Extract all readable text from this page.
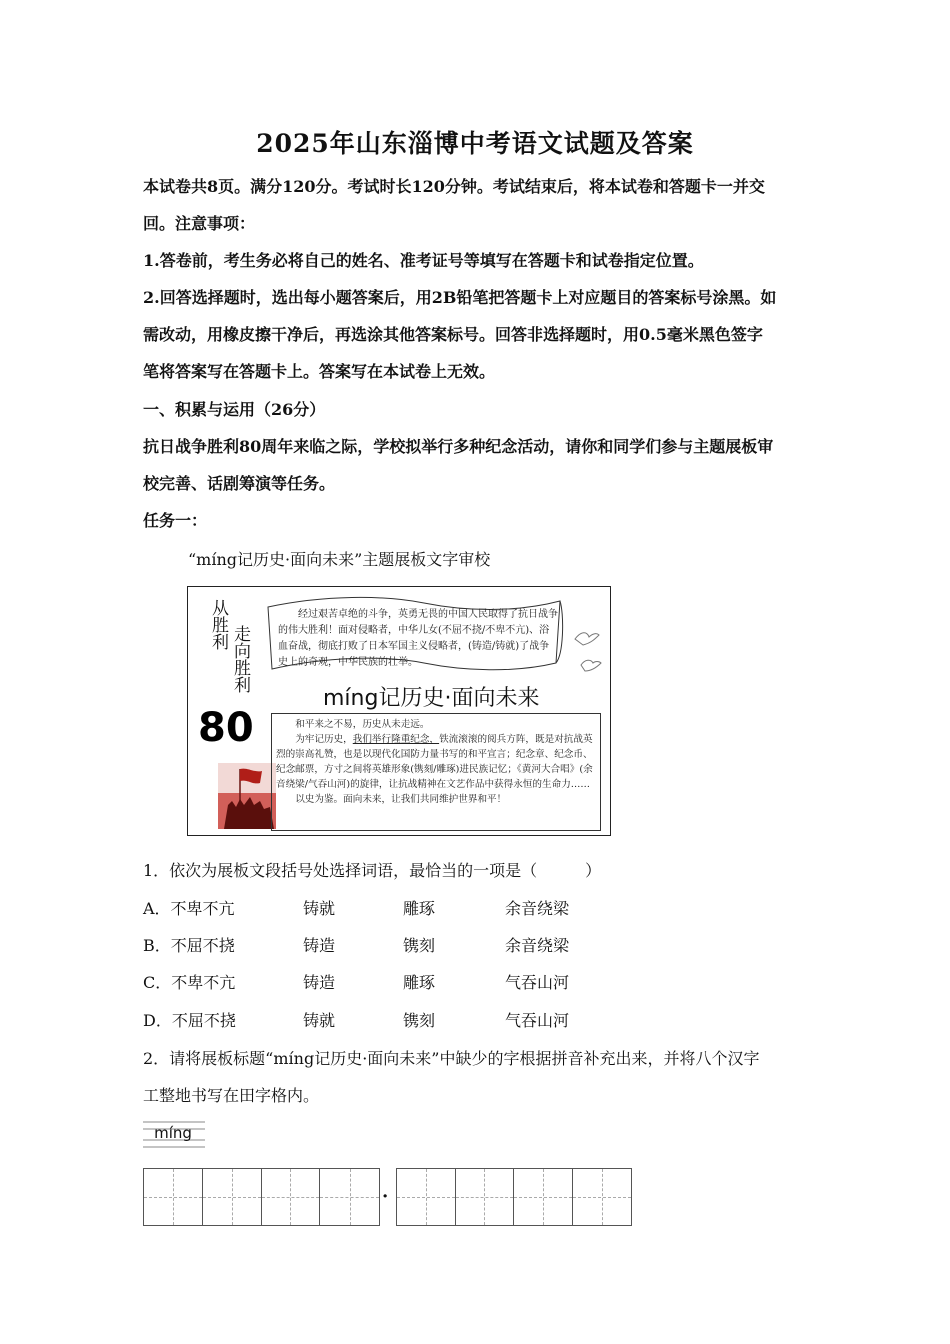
2025年山东淄博中考语文试题及答案
本试卷共8页。满分120分。考试时长120分钟。考试结束后，将本试卷和答题卡一并交
回。注意事项：
1.答卷前，考生务必将自己的姓名、准考证号等填写在答题卡和试卷指定位置。
2.回答选择题时，选出每小题答案后，用2B铅笔把答题卡上对应题目的答案标号涂黑。如
需改动，用橡皮擦干净后，再选涂其他答案标号。回答非选择题时，用0.5毫米黑色签字
笔将答案写在答题卡上。答案写在本试卷上无效。
一、积累与运用（26分）
抗日战争胜利80周年来临之际，学校拟举行多种纪念活动，请你和同学们参与主题展板审
校完善、话剧筹演等任务。
任务一：
“míng记历史·面向未来”主题展板文字审校
从胜利
走向胜利
经过艰苦卓绝的斗争，英勇无畏的中国人民取得了抗日战争的伟大胜利！面对侵略者，中华儿女(不屈不挠/不卑不亢)、浴血奋战，彻底打败了日本军国主义侵略者，(铸造/铸就)了战争史上的奇观，中华民族的壮举。
80
míng记历史·面向未来

和平来之不易，历史从未走远。

为牢记历史，我们举行隆重纪念，铁流滚滚的阅兵方阵，既是对抗战英烈的崇高礼赞，也是以现代化国防力量书写的和平宣言；纪念章、纪念币、纪念邮票，方寸之间将英雄形象(镌刻/雕琢)进民族记忆；《黄河大合唱》(余音绕梁/气吞山河)的旋律，让抗战精神在文艺作品中获得永恒的生命力……

以史为鉴。面向未来，让我们共同维护世界和平！

1．依次为展板文段括号处选择词语，最恰当的一项是（　　　）
A．不卑不亢	铸就	雕琢	余音绕梁
B．不屈不挠	铸造	镌刻	余音绕梁
C．不卑不亢	铸造	雕琢	气吞山河
D．不屈不挠	铸就	镌刻	气吞山河
2．请将展板标题“míng记历史·面向未来”中缺少的字根据拼音补充出来，并将八个汉字
工整地书写在田字格内。
míng
·
